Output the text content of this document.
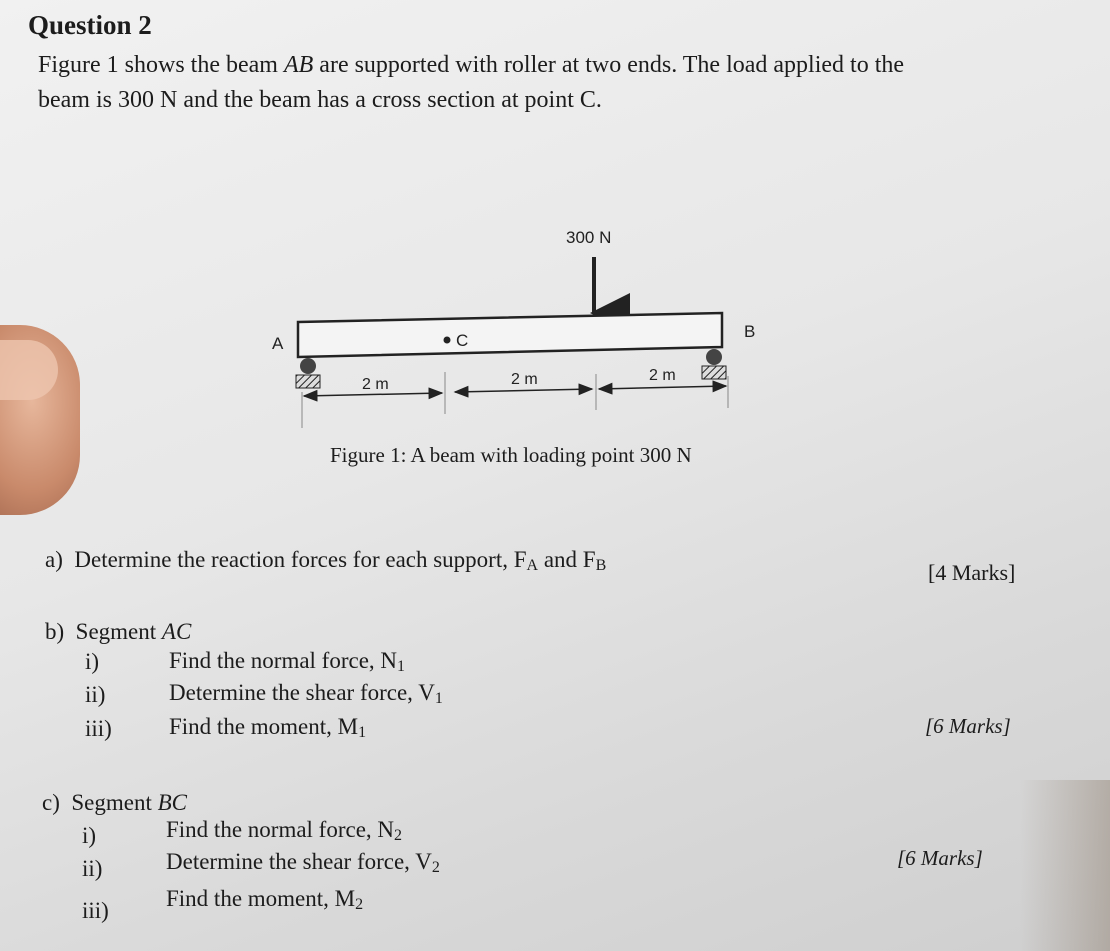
Question 2
Figure 1 shows the beam AB are supported with roller at two ends. The load applied to the
beam is 300 N and the beam has a cross section at point C.
300 N
A
B
C
2 m	2 m	2 m
Figure 1: A beam with loading point 300 N
a) Determine the reaction forces for each support, $F_A$ and $F_B$	[4 Marks]
b) Segment AC
i)	Find the normal force, $N_1$
ii)	Determine the shear force, $V_1$
iii) Find the moment, $M_1$	[6 Marks]
c) Segment BC
i)	Find the normal force, $N_2$
ii)	Determine the shear force, $V_2$
iii) Find the moment, $M_2$
[6 Marks]
